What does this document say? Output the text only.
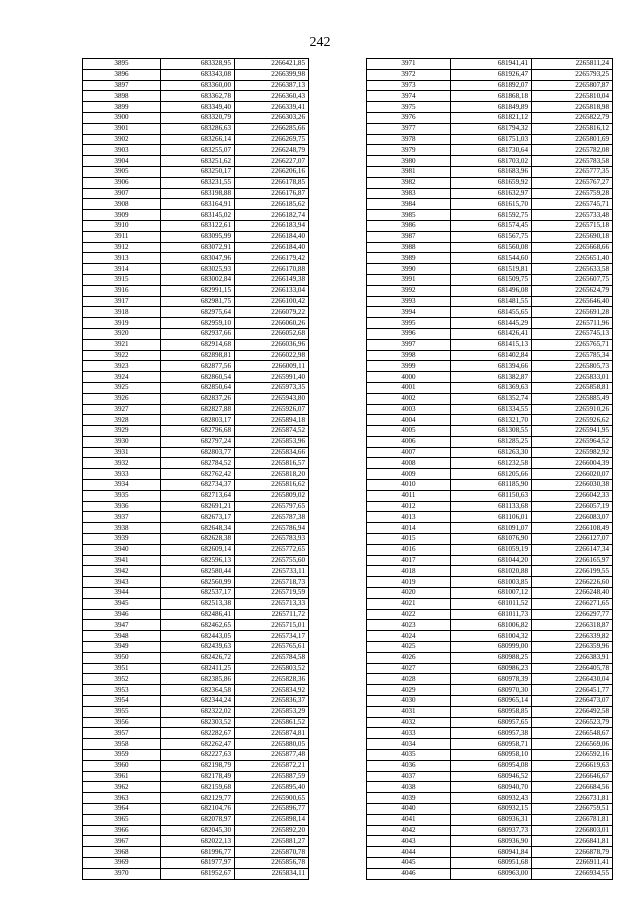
242
3895	683328,95	2266421,85
3896	683343,08	2266399,98
3897	683360,00	2266387,13
3898	683362,78	2266360,43
3899	683349,40	2266339,41
3900	683320,79	2266303,26
3901	683286,63	2266285,66
3902	683266,14	2266269,75
3903	683255,07	2266248,79
3904	683251,62	2266227,07
3905	683250,17	2266206,16
3906	683231,55	2266178,85
3907	683198,88	2266176,87
3908	683164,91	2266185,62
3909	683145,02	2266182,74
3910	683122,61	2266183,94
3911	683095,99	2266184,40
3912	683072,91	2266184,40
3913	683047,96	2266179,42
3914	683025,93	2266170,88
3915	683002,84	2266149,38
3916	682991,15	2266133,04
3917	682981,75	2266100,42
3918	682975,64	2266079,22
3919	682959,10	2266060,26
3920	682937,66	2266052,68
3921	682914,68	2266036,96
3922	682898,81	2266022,98
3923	682877,56	2266009,11
3924	682860,54	2265991,40
3925	682850,64	2265973,35
3926	682837,26	2265943,80
3927	682827,88	2265926,07
3928	682803,17	2265894,18
3929	682796,68	2265874,52
3930	682797,24	2265853,96
3931	682803,77	2265834,66
3932	682784,52	2265816,57
3933	682762,42	2265818,20
3934	682734,37	2265816,62
3935	682713,64	2265809,02
3936	682691,21	2265797,65
3937	682673,17	2265787,38
3938	682648,34	2265786,94
3939	682628,38	2265783,93
3940	682609,14	2265772,65
3941	682596,13	2265755,60
3942	682580,44	2265733,11
3943	682560,99	2265718,73
3944	682537,17	2265719,59
3945	682513,38	2265713,33
3946	682486,41	2265711,72
3947	682462,65	2265715,01
3948	682443,05	2265734,17
3949	682439,63	2265765,61
3950	682426,72	2265784,58
3951	682411,25	2265803,52
3952	682385,86	2265828,36
3953	682364,58	2265834,92
3954	682344,24	2265836,37
3955	682322,02	2265853,29
3956	682303,52	2265861,52
3957	682282,67	2265874,81
3958	682262,47	2265880,05
3959	682227,63	2265877,48
3960	682198,79	2265872,21
3961	682178,49	2265887,59
3962	682159,68	2265895,40
3963	682129,77	2265900,65
3964	682104,76	2265896,77
3965	682078,97	2265898,14
3966	682045,30	2265892,20
3967	682022,13	2265881,27
3968	681996,77	2265870,78
3969	681977,97	2265856,78
3970	681952,67	2265834,11
3971	681941,41	2265811,24
3972	681926,47	2265793,25
3973	681892,07	2265807,87
3974	681868,18	2265810,04
3975	681849,89	2265818,98
3976	681821,12	2265822,79
3977	681794,32	2265816,12
3978	681751,03	2265801,69
3979	681730,64	2265782,08
3980	681703,02	2265783,58
3981	681683,96	2265777,35
3982	681659,92	2265767,27
3983	681632,97	2265759,28
3984	681615,70	2265745,71
3985	681592,75	2265733,48
3986	681574,45	2265715,18
3987	681567,75	2265690,18
3988	681560,08	2265668,66
3989	681544,60	2265651,40
3990	681519,81	2265633,58
3991	681509,75	2265607,75
3992	681496,08	2265624,79
3993	681481,55	2265646,40
3994	681455,65	2265691,28
3995	681445,29	2265711,96
3996	681426,41	2265745,13
3997	681415,13	2265765,71
3998	681402,84	2265785,34
3999	681394,66	2265805,73
4000	681382,87	2265833,01
4001	681369,63	2265858,81
4002	681352,74	2265885,49
4003	681334,55	2265910,26
4004	681321,70	2265926,62
4005	681308,55	2265941,95
4006	681285,25	2265964,52
4007	681263,30	2265982,92
4008	681232,58	2266004,39
4009	681205,66	2266020,07
4010	681185,90	2266030,38
4011	681150,63	2266042,33
4012	681133,68	2266057,19
4013	681106,01	2266083,07
4014	681091,07	2266108,49
4015	681076,90	2266127,07
4016	681059,19	2266147,34
4017	681044,20	2266165,97
4018	681020,88	2266199,55
4019	681003,85	2266226,60
4020	681007,12	2266248,40
4021	681011,52	2266271,65
4022	681011,73	2266297,77
4023	681006,82	2266318,87
4024	681004,32	2266339,82
4025	680999,00	2266359,96
4026	680988,25	2266383,91
4027	680986,23	2266405,78
4028	680978,39	2266430,04
4029	680970,30	2266451,77
4030	680965,14	2266473,07
4031	680958,85	2266492,58
4032	680957,65	2266523,79
4033	680957,38	2266548,67
4034	680958,71	2266569,06
4035	680958,10	2266592,16
4036	680954,08	2266619,63
4037	680946,52	2266646,67
4038	680940,70	2266684,56
4039	680932,43	2266731,81
4040	680932,15	2266759,51
4041	680936,31	2266781,81
4042	680937,73	2266803,01
4043	680936,90	2266841,81
4044	680941,84	2266878,79
4045	680951,68	2266911,41
4046	680963,00	2266934,55
